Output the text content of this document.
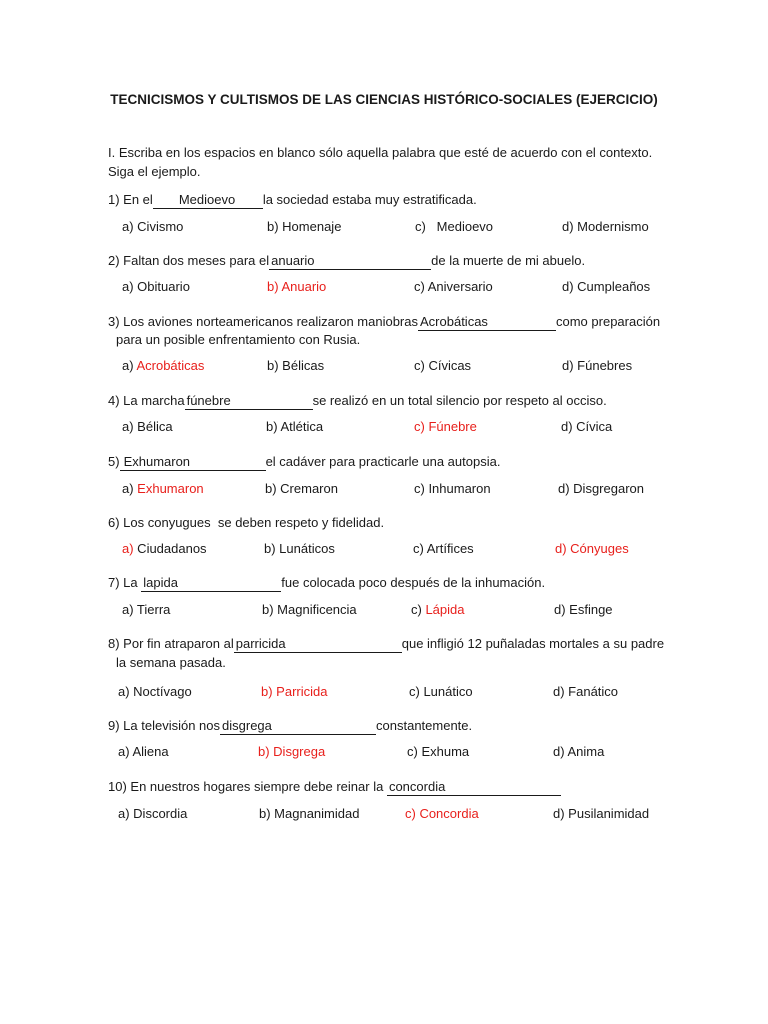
TECNICISMOS Y CULTISMOS DE LAS CIENCIAS HISTÓRICO-SOCIALES (EJERCICIO)
I. Escriba en los espacios en blanco sólo aquella palabra que esté de acuerdo con el contexto.
Siga el ejemplo.
1) En el Medioevo la sociedad estaba muy estratificada.
a) Civismo	b) Homenaje	c)   Medioevo	d) Modernismo
2) Faltan dos meses para el anuario	de la muerte de mi abuelo.
a) Obituario	b) Anuario	c) Aniversario	d) Cumpleaños
3) Los aviones norteamericanos realizaron maniobras Acrobáticas	como preparación
para un posible enfrentamiento con Rusia.
a) Acrobáticas	b) Bélicas	c) Cívicas	d) Fúnebres
4) La marcha fúnebre	se realizó en un total silencio por respeto al occiso.
a) Bélica	b) Atlética	c) Fúnebre	d) Cívica
5) Exhumaron	el cadáver para practicarle una autopsia.
a) Exhumaron	b) Cremaron	c) Inhumaron	d) Disgregaron
6) Los conyugues  se deben respeto y fidelidad.
a) Ciudadanos	b) Lunáticos	c) Artífices	d) Cónyuges
7) La lapida	fue colocada poco después de la inhumación.
a) Tierra	b) Magnificencia	c) Lápida	d) Esfinge
8) Por fin atraparon al parricida	que infligió 12 puñaladas mortales a su padre
la semana pasada.
a) Noctívago	b) Parricida	c) Lunático	d) Fanático
9) La televisión nos disgrega	constantemente.
a) Aliena	b) Disgrega	c) Exhuma	d) Anima
10) En nuestros hogares siempre debe reinar la concordia
a) Discordia	b) Magnanimidad	c) Concordia	d) Pusilanimidad
